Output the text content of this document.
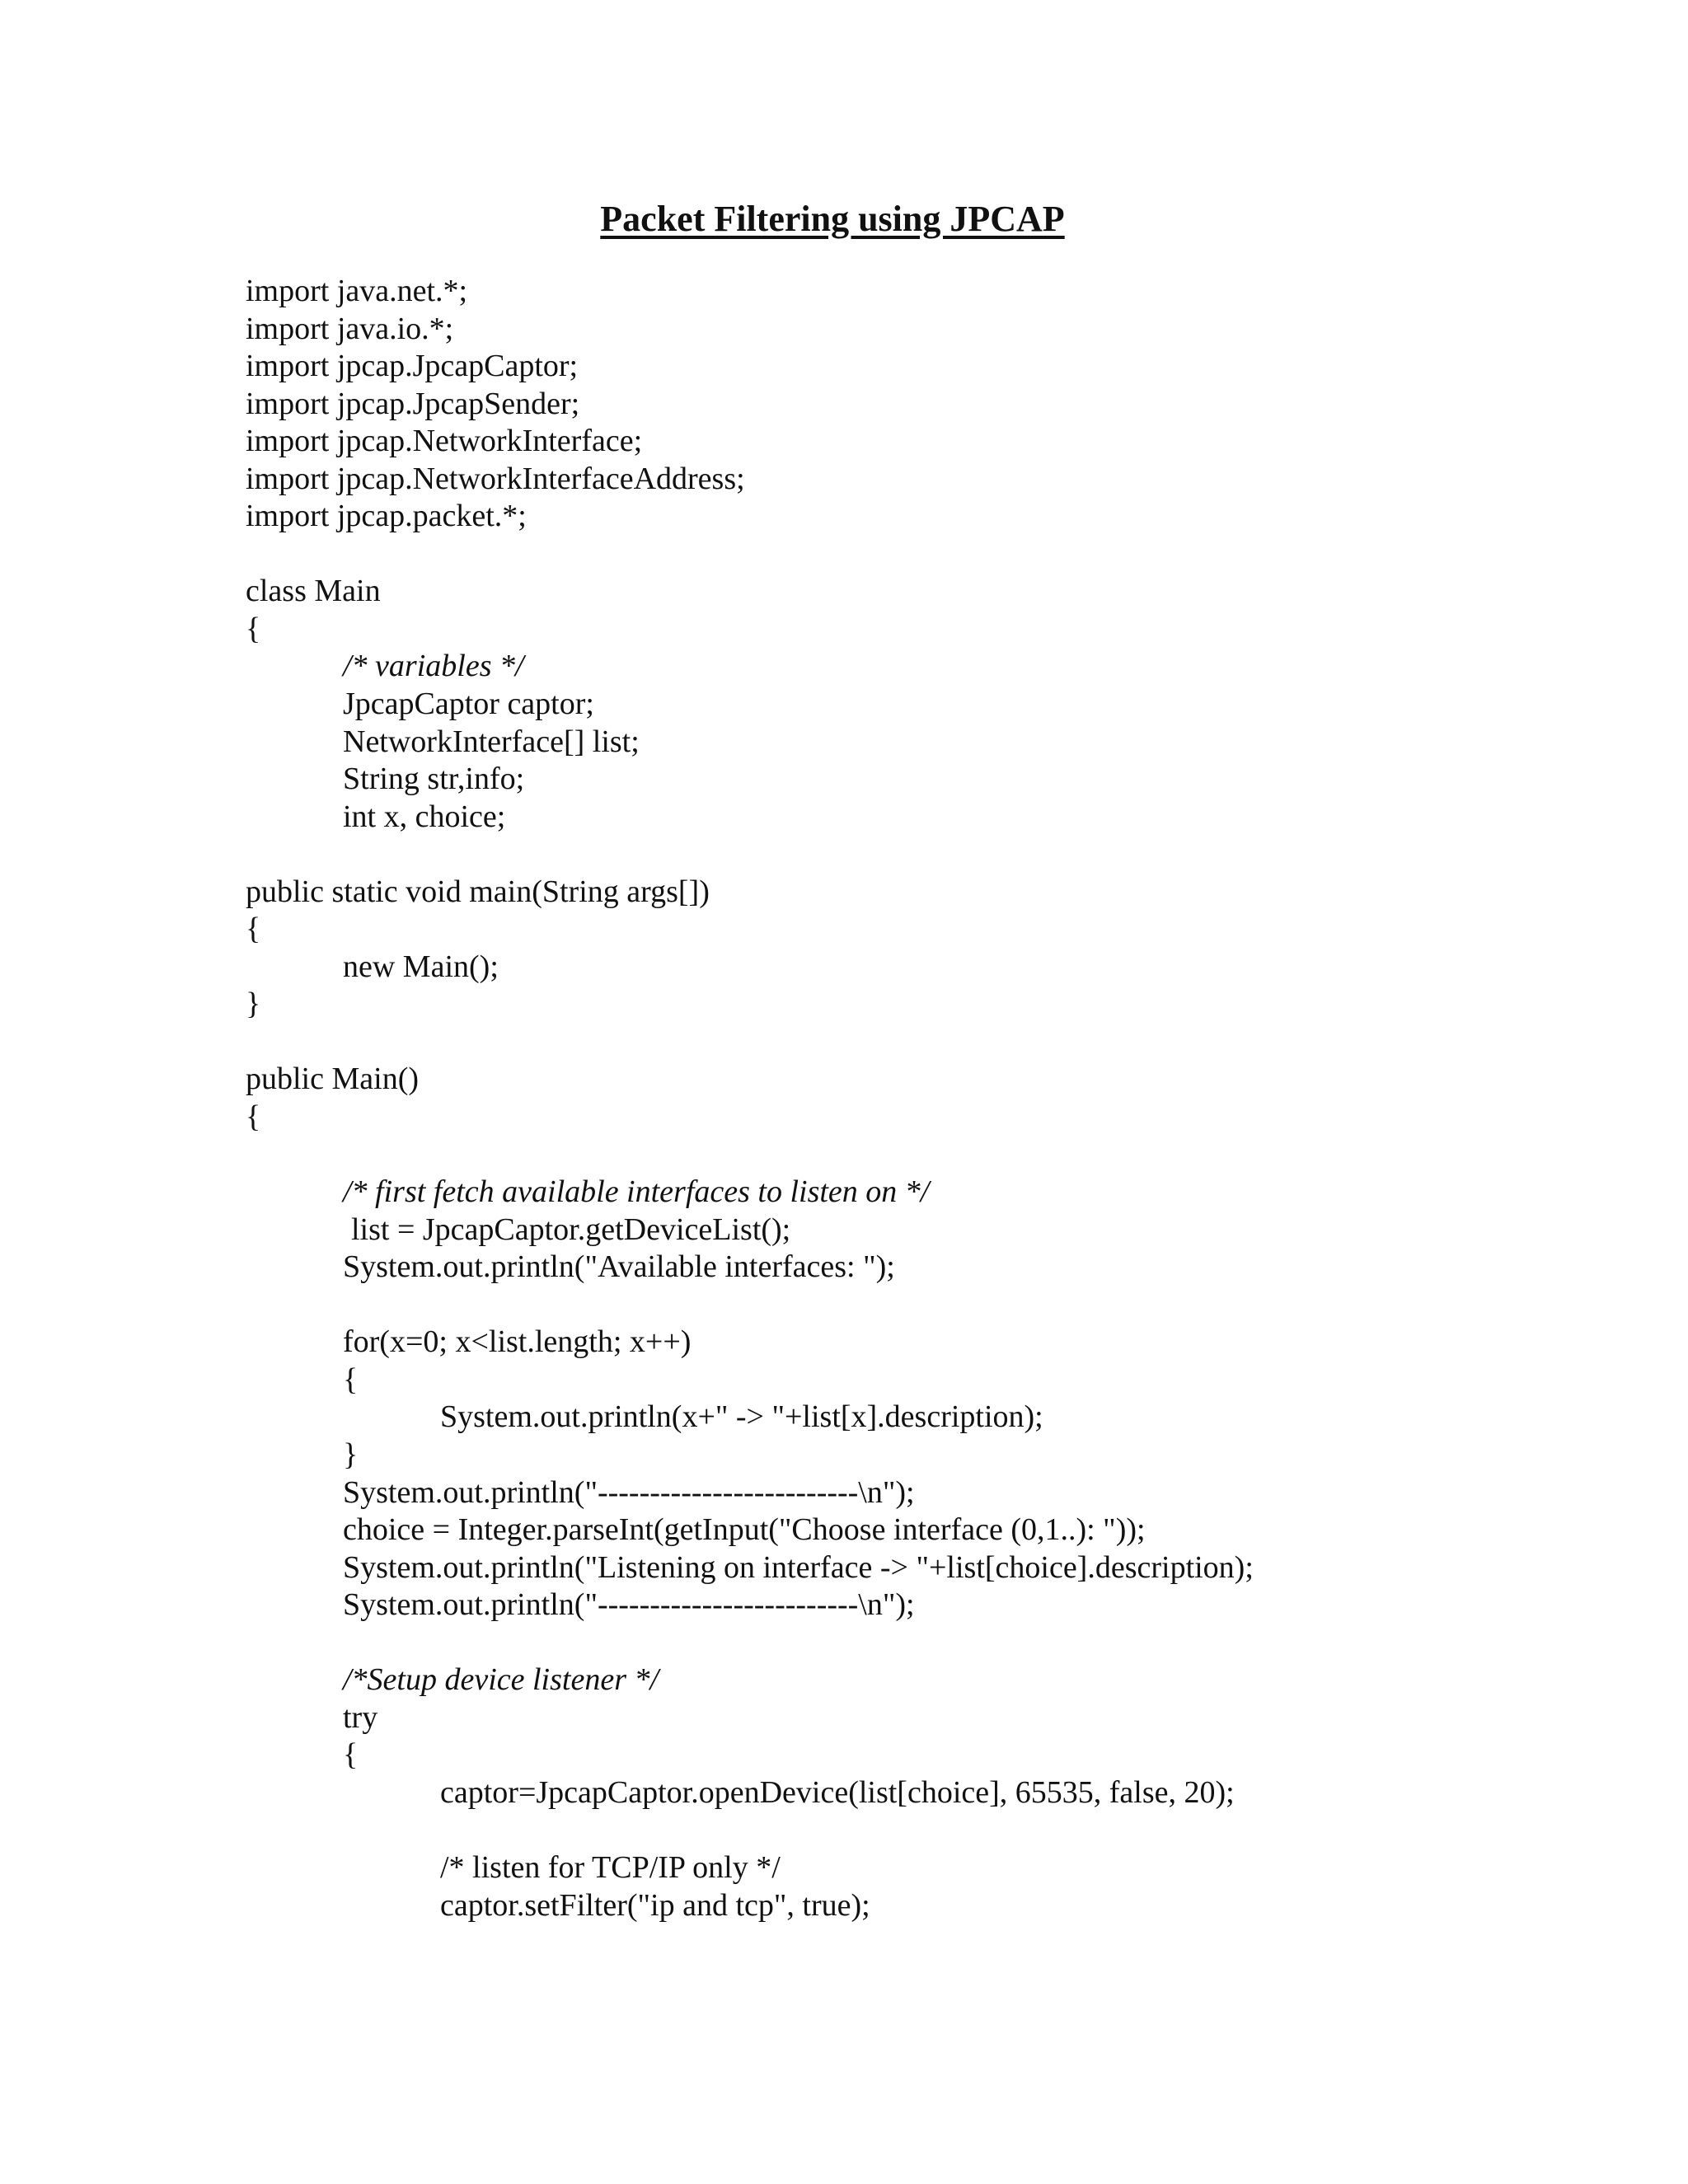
Packet Filtering using JPCAP
import java.net.*;
import java.io.*;
import jpcap.JpcapCaptor;
import jpcap.JpcapSender;
import jpcap.NetworkInterface;
import jpcap.NetworkInterfaceAddress;
import jpcap.packet.*;
class Main
{
/* variables */
JpcapCaptor captor;
NetworkInterface[] list;
String str,info;
int x, choice;
public static void main(String args[])
{
new Main();
}
public Main()
{
/* first fetch available interfaces to listen on */
list = JpcapCaptor.getDeviceList();
System.out.println("Available interfaces: ");
for(x=0; x<list.length; x++)
{
System.out.println(x+" -> "+list[x].description);
}
System.out.println("-------------------------\n");
choice = Integer.parseInt(getInput("Choose interface (0,1..): "));
System.out.println("Listening on interface -> "+list[choice].description);
System.out.println("-------------------------\n");
/*Setup device listener */
try
{
captor=JpcapCaptor.openDevice(list[choice], 65535, false, 20);
/* listen for TCP/IP only */
captor.setFilter("ip and tcp", true);
